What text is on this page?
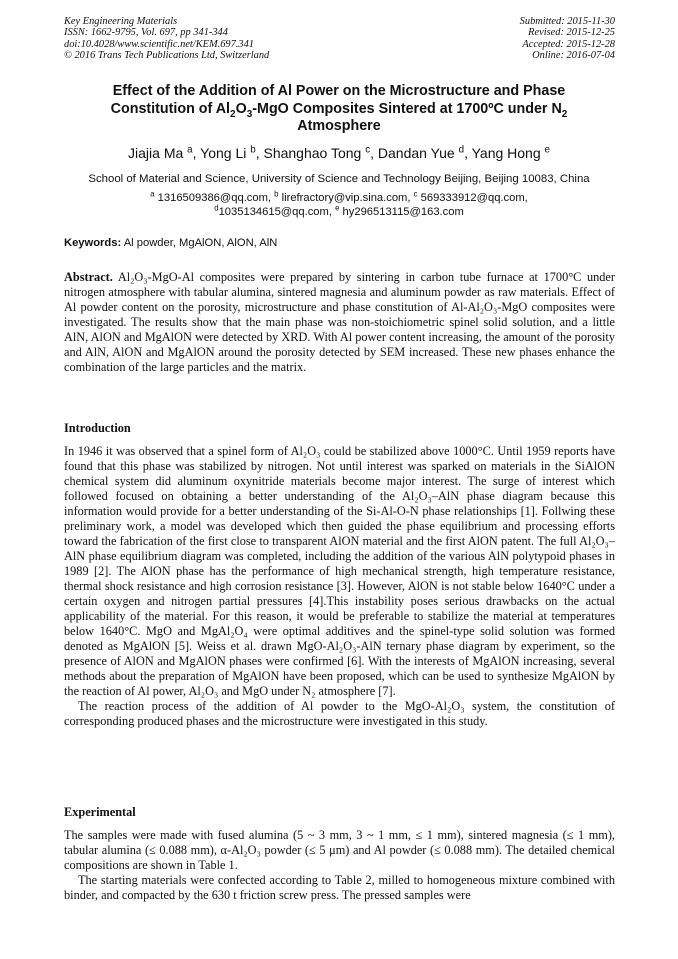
Key Engineering Materials
ISSN: 1662-9795, Vol. 697, pp 341-344
doi:10.4028/www.scientific.net/KEM.697.341
© 2016 Trans Tech Publications Ltd, Switzerland
Submitted: 2015-11-30
Revised: 2015-12-25
Accepted: 2015-12-28
Online: 2016-07-04
Effect of the Addition of Al Power on the Microstructure and Phase
Constitution of $Al_2O_3$-MgO Composites Sintered at 1700ºC under $N_2$
Atmosphere
Jiajia Ma $^a$, Yong Li $^b$, Shanghao Tong $^c$, Dandan Yue $^d$, Yang Hong $^e$
School of Material and Science, University of Science and Technology Beijing, Beijing 10083, China
$^a$ 1316509386@qq.com, $^b$ lirefractory@vip.sina.com, $^c$ 569333912@qq.com,
$^d$1035134615@qq.com, $^e$ hy296513115@163.com
Keywords: Al powder, MgAlON, AlON, AlN

Abstract. Al₂O₃-MgO-Al composites were prepared by sintering in carbon tube furnace at 1700°C under nitrogen atmosphere with tabular alumina, sintered magnesia and aluminum powder as raw materials. Effect of Al powder content on the porosity, microstructure and phase constitution of Al-Al₂O₃-MgO composites were investigated. The results show that the main phase was non-stoichiometric spinel solid solution, and a little AlN, AlON and MgAlON were detected by XRD. With Al power content increasing, the amount of the porosity and AlN, AlON and MgAlON around the porosity detected by SEM increased. These new phases enhance the combination of the large particles and the matrix.

Introduction

In 1946 it was observed that a spinel form of Al₂O₃ could be stabilized above 1000°C. Until 1959 reports have found that this phase was stabilized by nitrogen. Not until interest was sparked on materials in the SiAlON chemical system did aluminum oxynitride materials become major interest. The surge of interest which followed focused on obtaining a better understanding of the Al₂O₃–AlN phase diagram because this information would provide for a better understanding of the Si-Al-O-N phase relationships [1]. Follwing these preliminary work, a model was developed which then guided the phase equilibrium and processing efforts toward the fabrication of the first close to transparent AlON material and the first AlON patent. The full Al₂O₃–AlN phase equilibrium diagram was completed, including the addition of the various AlN polytypoid phases in 1989 [2]. The AlON phase has the performance of high mechanical strength, high temperature resistance, thermal shock resistance and high corrosion resistance [3]. However, AlON is not stable below 1640°C under a certain oxygen and nitrogen partial pressures [4].This instability poses serious drawbacks on the actual applicability of the material. For this reason, it would be preferable to stabilize the material at temperatures below 1640°C. MgO and MgAl₂O₄ were optimal additives and the spinel-type solid solution was formed denoted as MgAlON [5]. Weiss et al. drawn MgO-Al₂O₃-AlN ternary phase diagram by experiment, so the presence of AlON and MgAlON phases were confirmed [6]. With the interests of MgAlON increasing, several methods about the preparation of MgAlON have been proposed, which can be used to synthesize MgAlON by the reaction of Al power, Al₂O₃ and MgO under N₂ atmosphere [7].

The reaction process of the addition of Al powder to the MgO-Al₂O₃ system, the constitution of corresponding produced phases and the microstructure were investigated in this study.

Experimental

The samples were made with fused alumina (5 ~ 3 mm, 3 ~ 1 mm, ≤ 1 mm), sintered magnesia (≤ 1 mm), tabular alumina (≤ 0.088 mm), α-Al₂O₃ powder (≤ 5 μm) and Al powder (≤ 0.088 mm). The detailed chemical compositions are shown in Table 1.

The starting materials were confected according to Table 2, milled to homogeneous mixture combined with binder, and compacted by the 630 t friction screw press. The pressed samples were
